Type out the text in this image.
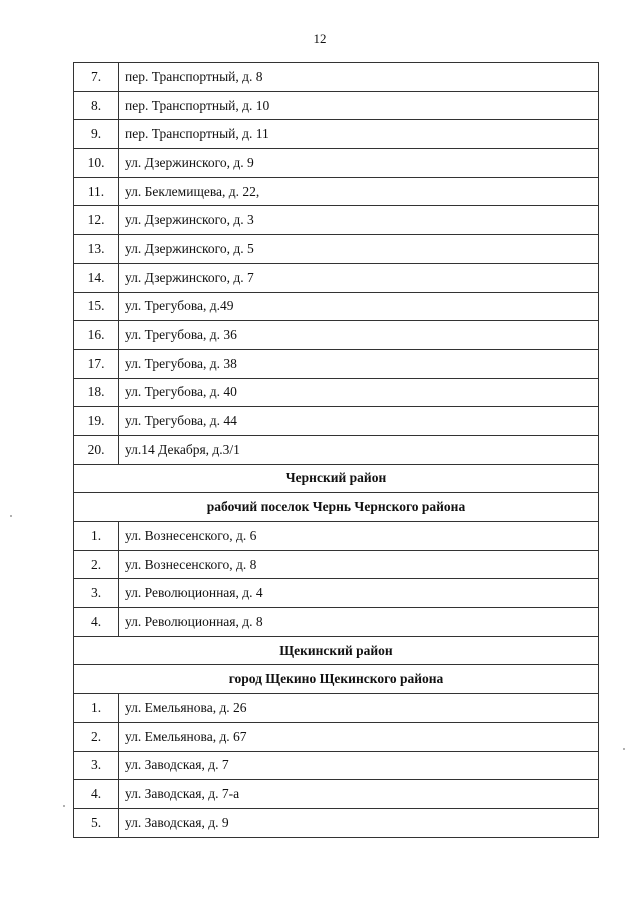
12
7.	пер. Транспортный, д. 8
8.	пер. Транспортный, д. 10
9.	пер. Транспортный, д. 11
10.	ул. Дзержинского, д. 9
11.	ул. Беклемищева, д. 22,
12.	ул. Дзержинского, д. 3
13.	ул. Дзержинского, д. 5
14.	ул. Дзержинского, д. 7
15.	ул. Трегубова, д.49
16.	ул. Трегубова, д. 36
17.	ул. Трегубова, д. 38
18.	ул. Трегубова, д. 40
19.	ул. Трегубова, д. 44
20.	ул.14 Декабря, д.3/1
Чернский район	
рабочий поселок Чернь Чернского района	
1.	ул. Вознесенского, д. 6
2.	ул. Вознесенского, д. 8
3.	ул. Революционная, д. 4
4.	ул. Революционная, д. 8
Щекинский район	
город Щекино Щекинского района	
1.	ул. Емельянова, д. 26
2.	ул. Емельянова, д. 67
3.	ул. Заводская, д. 7
4.	ул. Заводская, д. 7-а
5.	ул. Заводская, д. 9
